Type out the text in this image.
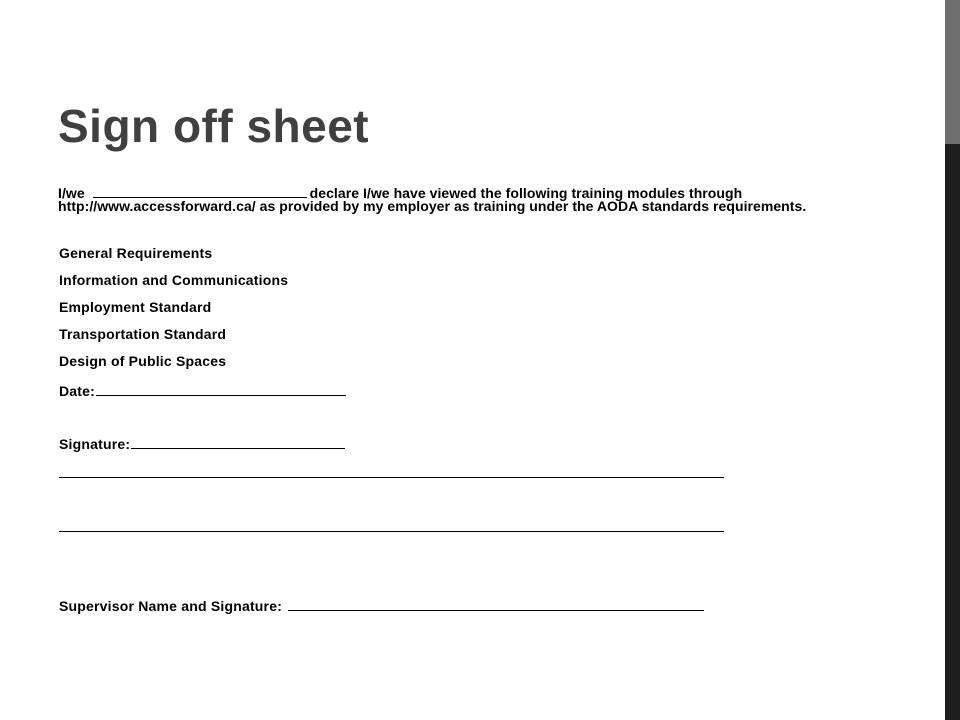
Sign off sheet
I/we	declare I/we have viewed the following training modules through http://www.accessforward.ca/ as provided by my employer as training under the AODA standards requirements.
General Requirements
Information and Communications
Employment Standard
Transportation Standard
Design of Public Spaces
Date:
Signature:
Supervisor Name and Signature:
